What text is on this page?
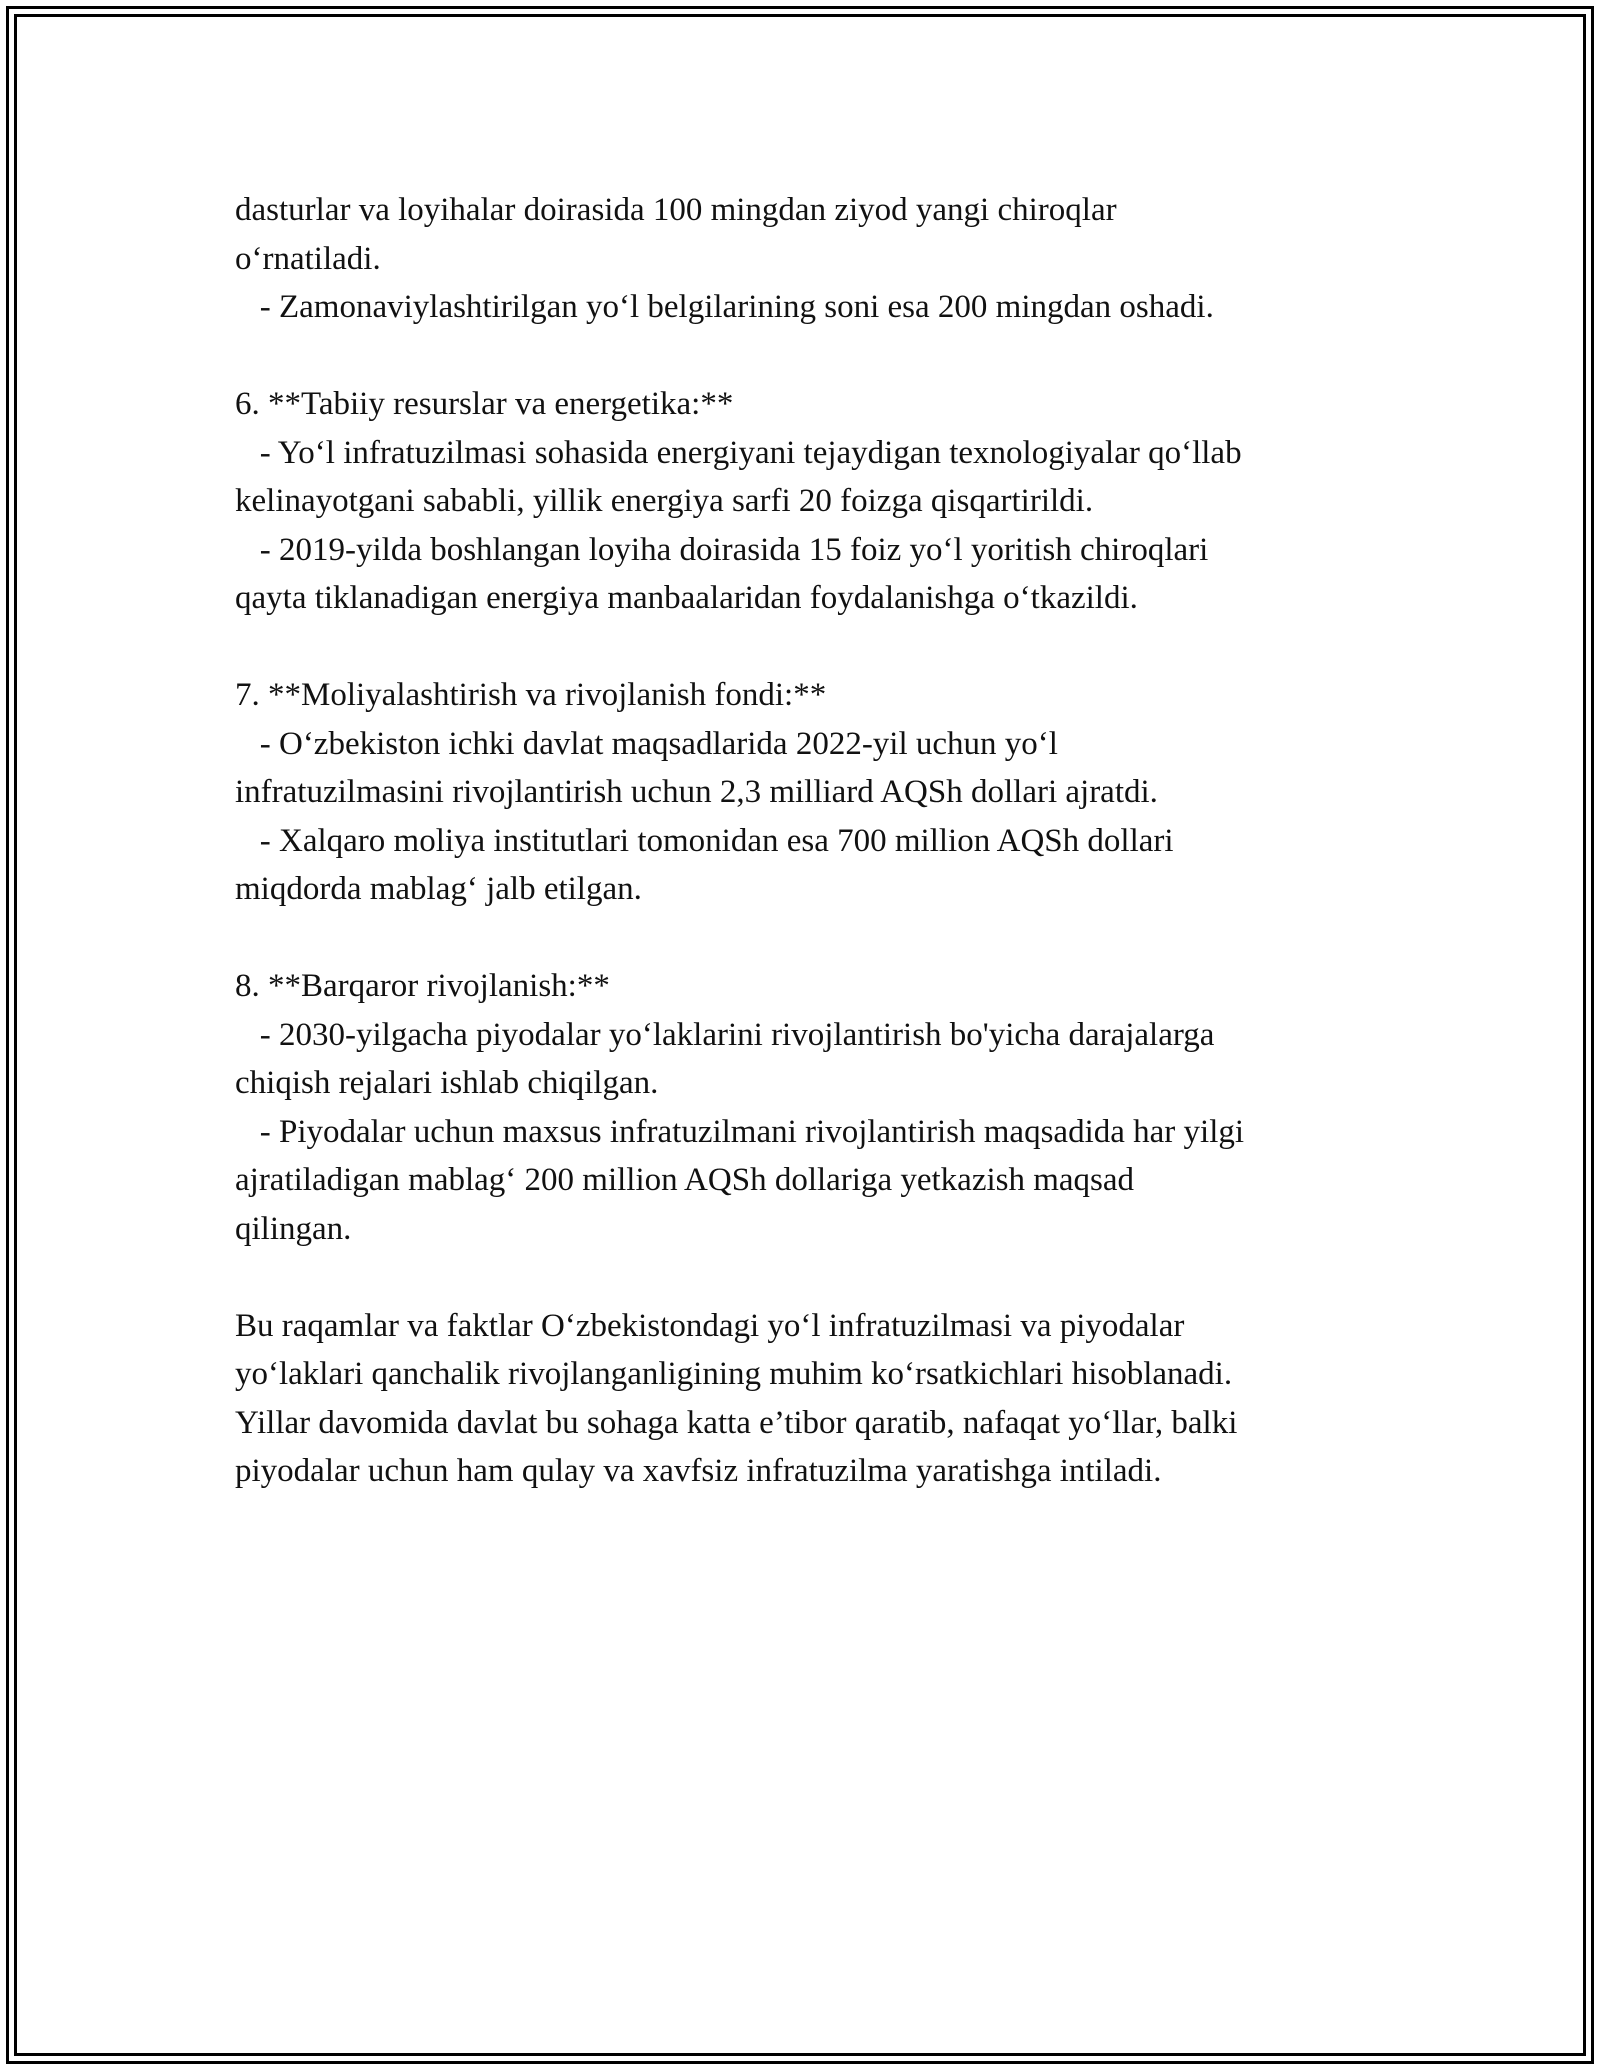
dasturlar va loyihalar doirasida 100 mingdan ziyod yangi chiroqlar
o‘rnatiladi.
- Zamonaviylashtirilgan yo‘l belgilarining soni esa 200 mingdan oshadi.
6. **Tabiiy resurslar va energetika:**
- Yo‘l infratuzilmasi sohasida energiyani tejaydigan texnologiyalar qo‘llab
kelinayotgani sababli, yillik energiya sarfi 20 foizga qisqartirildi.
- 2019-yilda boshlangan loyiha doirasida 15 foiz yo‘l yoritish chiroqlari
qayta tiklanadigan energiya manbaalaridan foydalanishga o‘tkazildi.
7. **Moliyalashtirish va rivojlanish fondi:**
- O‘zbekiston ichki davlat maqsadlarida 2022-yil uchun yo‘l
infratuzilmasini rivojlantirish uchun 2,3 milliard AQSh dollari ajratdi.
- Xalqaro moliya institutlari tomonidan esa 700 million AQSh dollari
miqdorda mablag‘ jalb etilgan.
8. **Barqaror rivojlanish:**
- 2030-yilgacha piyodalar yo‘laklarini rivojlantirish bo'yicha darajalarga
chiqish rejalari ishlab chiqilgan.
- Piyodalar uchun maxsus infratuzilmani rivojlantirish maqsadida har yilgi
ajratiladigan mablag‘ 200 million AQSh dollariga yetkazish maqsad
qilingan.
Bu raqamlar va faktlar O‘zbekistondagi yo‘l infratuzilmasi va piyodalar
yo‘laklari qanchalik rivojlanganligining muhim ko‘rsatkichlari hisoblanadi.
Yillar davomida davlat bu sohaga katta e’tibor qaratib, nafaqat yo‘llar, balki
piyodalar uchun ham qulay va xavfsiz infratuzilma yaratishga intiladi.
